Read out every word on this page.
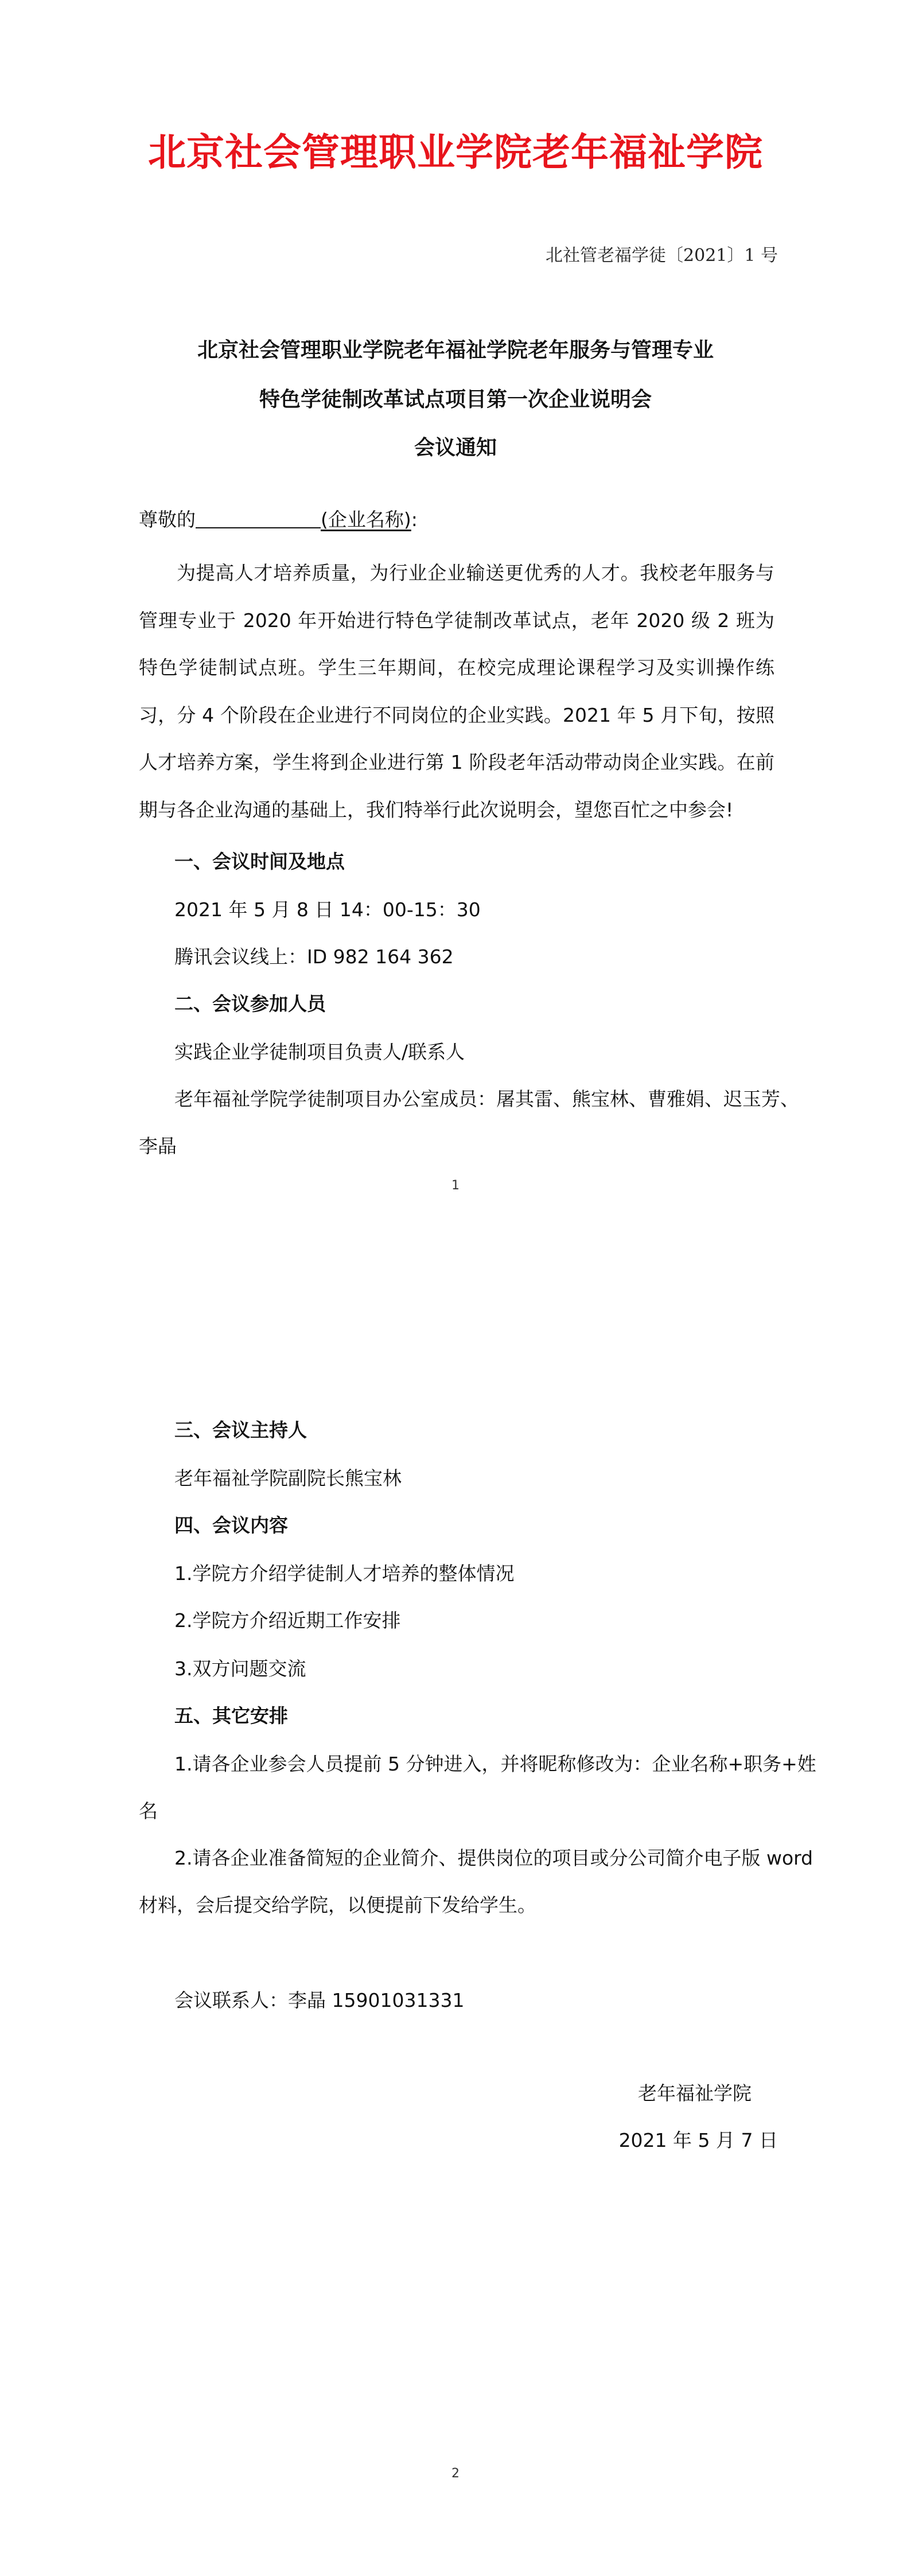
北京社会管理职业学院老年福祉学院
北社管老福学徒〔2021〕1 号
北京社会管理职业学院老年福祉学院老年服务与管理专业
特色学徒制改革试点项目第一次企业说明会
会议通知
尊敬的	(企业名称):
为提高人才培养质量，为行业企业输送更优秀的人才。我校老年服务与管理专业于 2020 年开始进行特色学徒制改革试点，老年 2020 级 2 班为特色学徒制试点班。学生三年期间，在校完成理论课程学习及实训操作练习，分 4 个阶段在企业进行不同岗位的企业实践。2021 年 5 月下旬，按照人才培养方案，学生将到企业进行第 1 阶段老年活动带动岗企业实践。在前期与各企业沟通的基础上，我们特举行此次说明会，望您百忙之中参会!
一、会议时间及地点
2021 年 5 月 8 日 14：00-15：30
腾讯会议线上：ID 982 164 362
二、会议参加人员
实践企业学徒制项目负责人/联系人
老年福祉学院学徒制项目办公室成员：屠其雷、熊宝林、曹雅娟、迟玉芳、
李晶
1
三、会议主持人
老年福祉学院副院长熊宝林
四、会议内容
1.学院方介绍学徒制人才培养的整体情况
2.学院方介绍近期工作安排
3.双方问题交流
五、其它安排
1.请各企业参会人员提前 5 分钟进入，并将昵称修改为：企业名称+职务+姓
名
2.请各企业准备简短的企业简介、提供岗位的项目或分公司简介电子版 word
材料，会后提交给学院，以便提前下发给学生。
会议联系人：李晶 15901031331
老年福祉学院
2021 年 5 月 7 日
2
